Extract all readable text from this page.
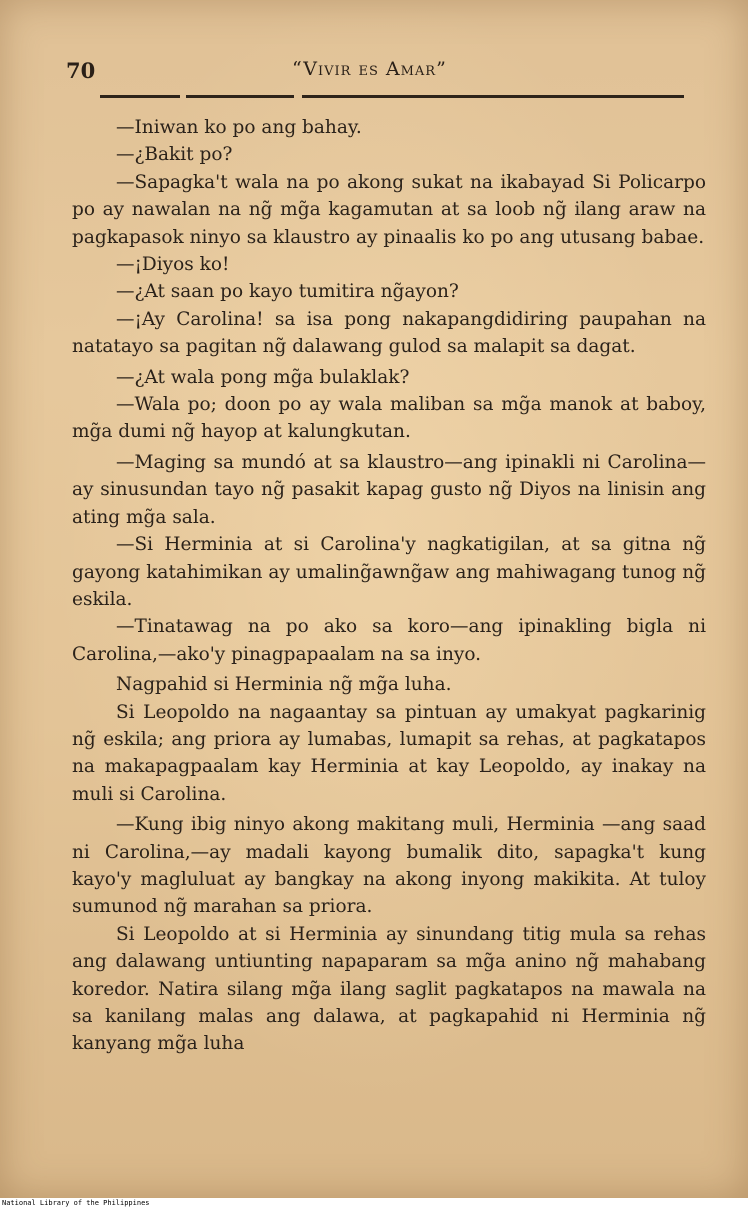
70	“Vivir es Amar”

—Iniwan ko po ang bahay.

—¿Bakit po?

—Sapagka't wala na po akong sukat na ikabayad Si Policarpo po ay nawalan na ng̃ mg̃a kagamutan at sa loob ng̃ ilang araw na pagkapasok ninyo sa klaustro ay pinaalis ko po ang utusang babae.

—¡Diyos ko!

—¿At saan po kayo tumitira ng̃ayon?

—¡Ay Carolina! sa isa pong nakapangdidiring paupahan na natatayo sa pagitan ng̃ dalawang gulod sa malapit sa dagat.

—¿At wala pong mg̃a bulaklak?

—Wala po; doon po ay wala maliban sa mg̃a manok at baboy, mg̃a dumi ng̃ hayop at kalungkutan.

—Maging sa mundó at sa klaustro—ang ipinakli ni Carolina—ay sinusundan tayo ng̃ pasakit kapag gusto ng̃ Diyos na linisin ang ating mg̃a sala.

—Si Herminia at si Carolina'y nagkatigilan, at sa gitna ng̃ gayong katahimikan ay umaling̃awng̃aw ang mahiwagang tunog ng̃ eskila.

—Tinatawag na po ako sa koro—ang ipinakling bigla ni Carolina,—ako'y pinagpapaalam na sa inyo.

Nagpahid si Herminia ng̃ mg̃a luha.

Si Leopoldo na nagaantay sa pintuan ay umakyat pagkarinig ng̃ eskila; ang priora ay lumabas, lumapit sa rehas, at pagkatapos na makapagpaalam kay Herminia at kay Leopoldo, ay inakay na muli si Carolina.

—Kung ibig ninyo akong makitang muli, Herminia —ang saad ni Carolina,—ay madali kayong bumalik dito, sapagka't kung kayo'y magluluat ay bangkay na akong inyong makikita. At tuloy sumunod ng̃ marahan sa priora.

Si Leopoldo at si Herminia ay sinundang titig mula sa rehas ang dalawang untiunting napaparam sa mg̃a anino ng̃ mahabang koredor. Natira silang mg̃a ilang saglit pagkatapos na mawala na sa kanilang malas ang dalawa, at pagkapahid ni Herminia ng̃ kanyang mg̃a luha

National Library of the Philippines
